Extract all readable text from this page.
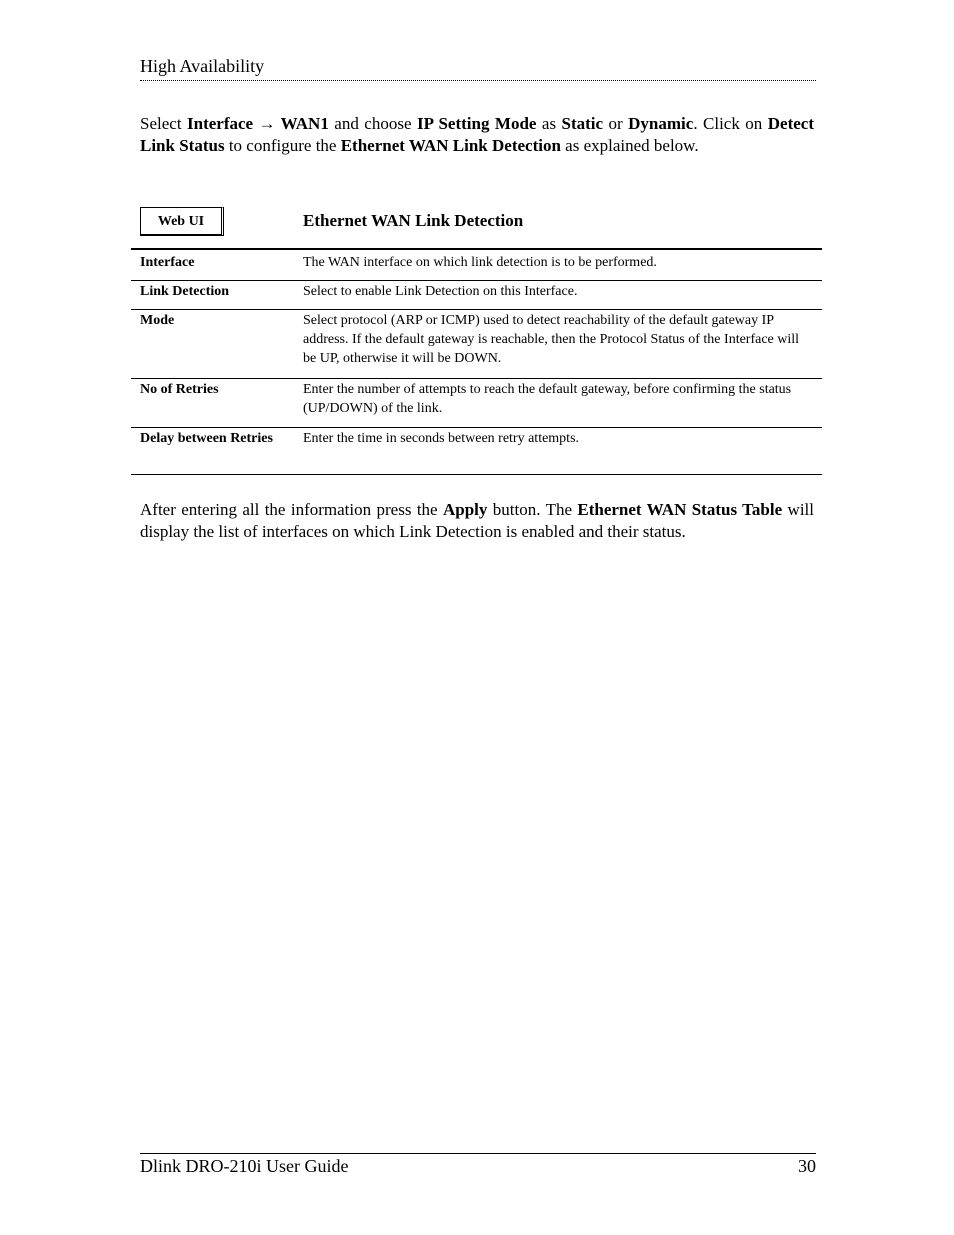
High Availability
Select Interface → WAN1 and choose IP Setting Mode as Static or Dynamic. Click on Detect Link Status to configure the Ethernet WAN Link Detection as explained below.
Web UI	Ethernet WAN Link Detection
Interface	The WAN interface on which link detection is to be performed.
Link Detection	Select to enable Link Detection on this Interface.
Mode	Select protocol (ARP or ICMP) used to detect reachability of the default gateway IP address. If the default gateway is reachable, then the Protocol Status of the Interface will be UP, otherwise it will be DOWN.
No of Retries	Enter the number of attempts to reach the default gateway, before confirming the status (UP/DOWN) of the link.
Delay between Retries	Enter the time in seconds between retry attempts.
After entering all the information press the Apply button. The Ethernet WAN Status Table will display the list of interfaces on which Link Detection is enabled and their status.
Dlink DRO-210i User Guide	30
